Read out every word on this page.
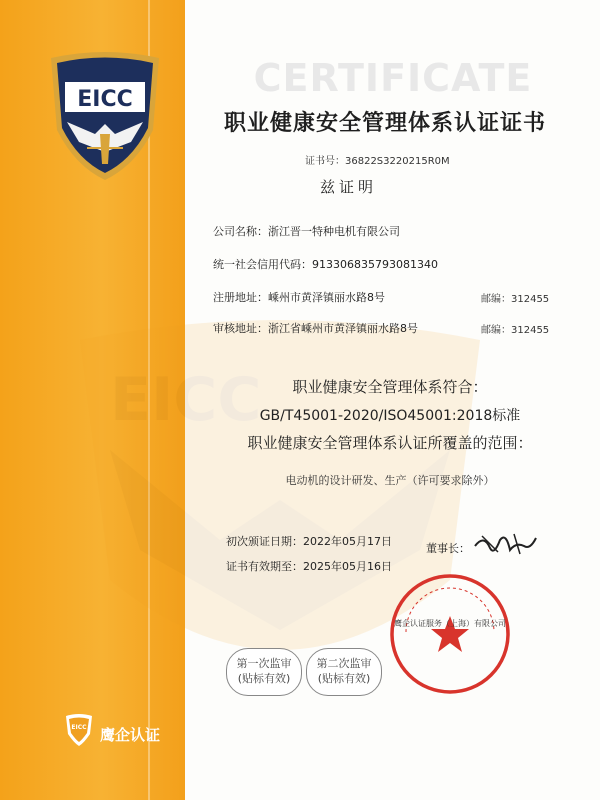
EICC
EICC	CERTIFICATE
职业健康安全管理体系认证证书
证书号：36822S3220215R0M
兹证明
公司名称：浙江晋一特种电机有限公司
统一社会信用代码：913306835793081340
注册地址：嵊州市黄泽镇丽水路8号	邮编：312455
审核地址：浙江省嵊州市黄泽镇丽水路8号	邮编：312455
职业健康安全管理体系符合：
GB/T45001-2020/ISO45001:2018标准
职业健康安全管理体系认证所覆盖的范围：
电动机的设计研发、生产（许可要求除外）
初次颁证日期：2022年05月17日
证书有效期至：2025年05月16日
董事长：
鹰企认证服务（上海）有限公司
第一次监审
(贴标有效)
第二次监审
(贴标有效)
EICC 鹰企认证
